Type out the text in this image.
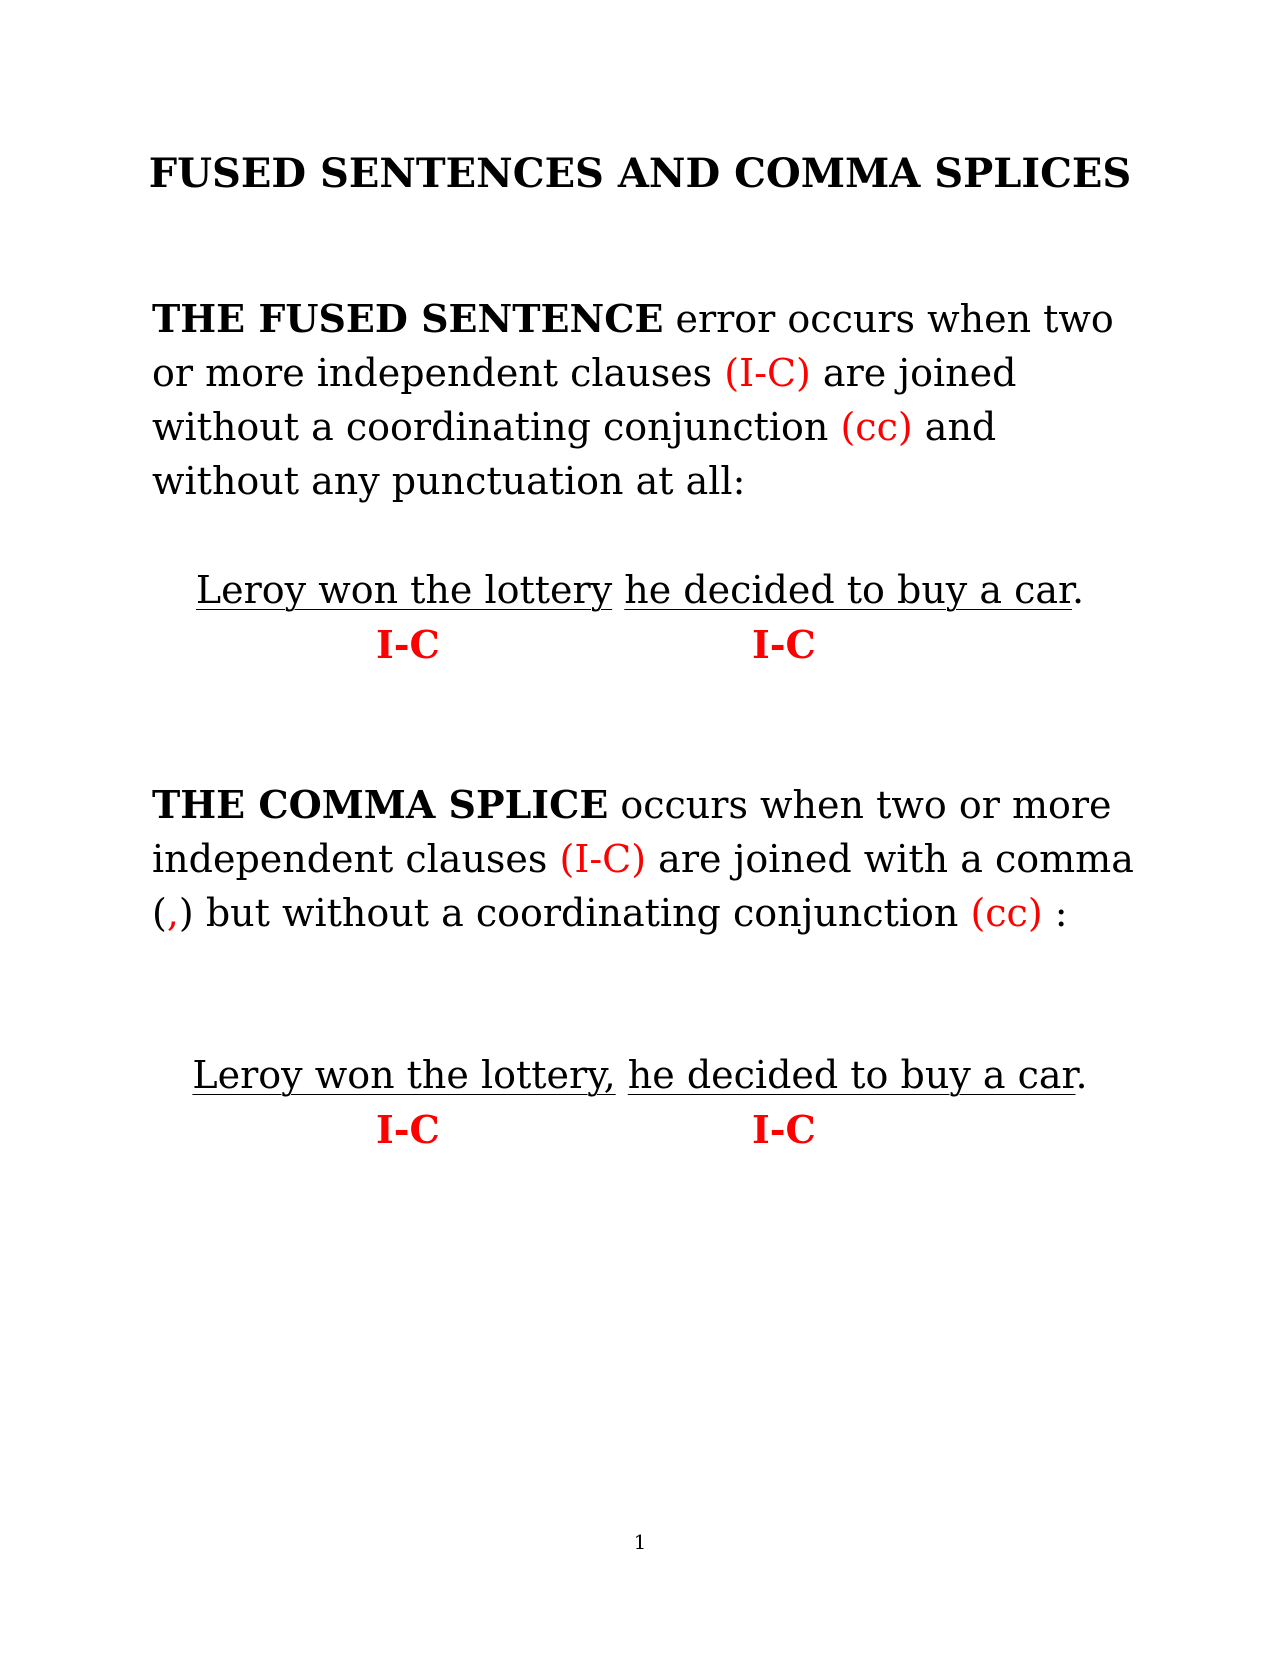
FUSED SENTENCES AND COMMA SPLICES

THE FUSED SENTENCE error occurs when two or more independent clauses (I-C) are joined without a coordinating conjunction (cc) and without any punctuation at all:

Leroy won the lottery he decided to buy a car.

I-C	I-C

THE COMMA SPLICE occurs when two or more independent clauses (I-C) are joined with a comma (,) but without a coordinating conjunction (cc) :

Leroy won the lottery, he decided to buy a car.

I-C	I-C

1
